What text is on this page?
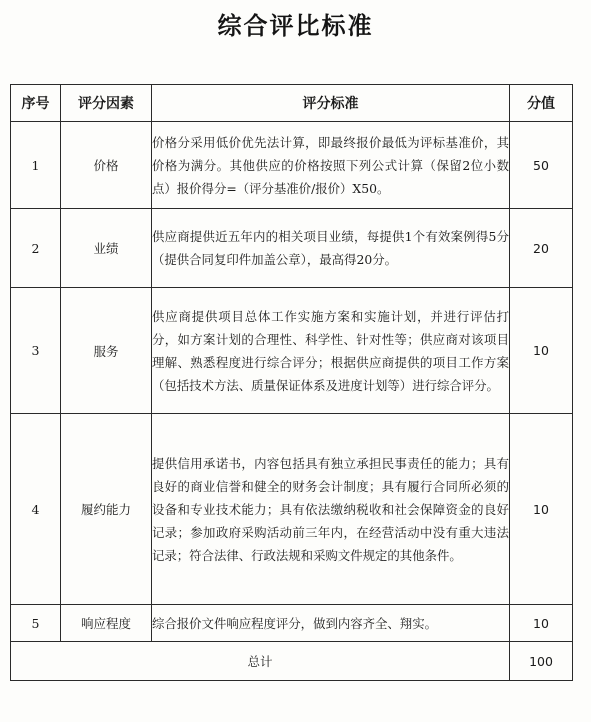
综合评比标准
序号	评分因素	评分标准	分值
1	价格	价格分采用低价优先法计算，即最终报价最低为评标基准价，其价格为满分。其他供应的价格按照下列公式计算（保留2位小数点）报价得分=（评分基准价/报价）X50。	50
2	业绩	供应商提供近五年内的相关项目业绩，每提供1个有效案例得5分（提供合同复印件加盖公章），最高得20分。	20
3	服务	供应商提供项目总体工作实施方案和实施计划，并进行评估打分，如方案计划的合理性、科学性、针对性等；供应商对该项目理解、熟悉程度进行综合评分；根据供应商提供的项目工作方案（包括技术方法、质量保证体系及进度计划等）进行综合评分。	10
4	履约能力	提供信用承诺书，内容包括具有独立承担民事责任的能力；具有良好的商业信誉和健全的财务会计制度；具有履行合同所必须的设备和专业技术能力；具有依法缴纳税收和社会保障资金的良好记录；参加政府采购活动前三年内，在经营活动中没有重大违法记录；符合法律、行政法规和采购文件规定的其他条件。	10
5	响应程度	综合报价文件响应程度评分，做到内容齐全、翔实。	10
总计			100
